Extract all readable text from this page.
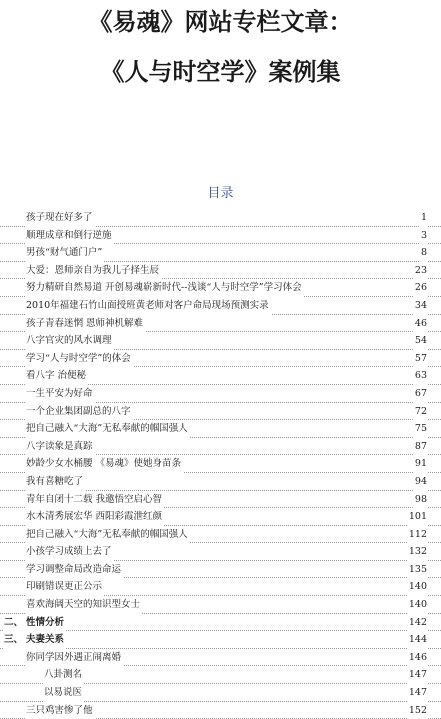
《易魂》网站专栏文章：
《人与时空学》案例集
目录
孩子现在好多了	1
顺理成章和倒行逆施	3
男孩“财气通门户”	8
大爱：恩师亲自为我儿子择生辰	23
努力精研自然易道 开创易魂崭新时代--浅谈“人与时空学”学习体会	26
2010年福建石竹山面授班黄老师对客户命局现场预测实录	34
孩子青春迷惘 恩师神机解难	46
八字官灾的风水调理	54
学习“人与时空学”的体会	57
看八字 治便秘	63
一生平安为好命	67
一个企业集团副总的八字	72
把自己融入“大海”无私奉献的帼国强人	75
八字读象是真踪	87
妙龄少女水桶腰 《易魂》使她身苗条	91
我有喜糖吃了	94
青年自闭十二载 我邀悟空启心智	98
水木清秀展宏华 西阳彩霞泄红颜	101
把自己融入“大海”无私奉献的帼国强人	112
小孩学习成绩上去了	132
学习调整命局改造命运	135
印刷错误更正公示	140
喜欢海阔天空的知识型女士	140
二、 性情分析	142
三、 夫妻关系	144
你同学因外遇正闹离婚	146
八卦测名	147
以易说医	147
三只鸡害惨了他	152
